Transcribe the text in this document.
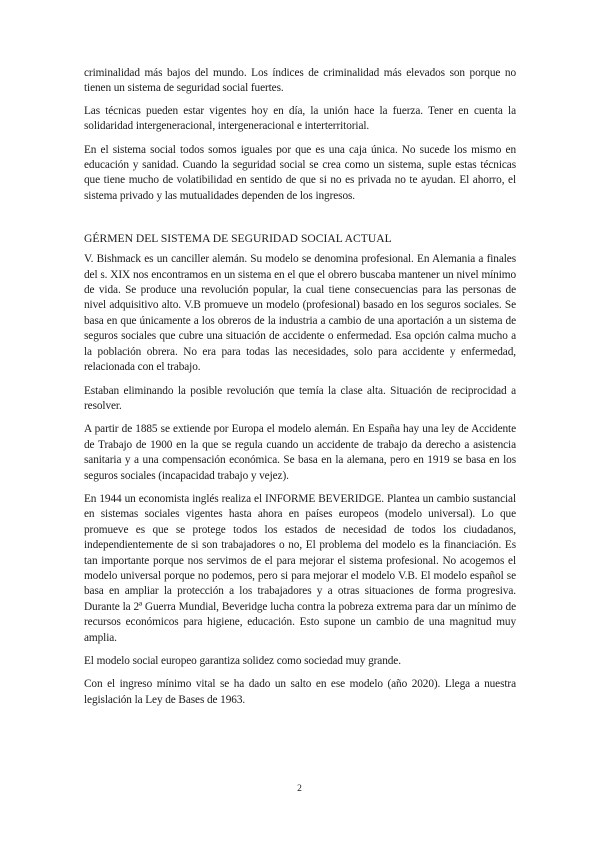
criminalidad más bajos del mundo. Los índices de criminalidad más elevados son porque no tienen un sistema de seguridad social fuertes.

Las técnicas pueden estar vigentes hoy en día, la unión hace la fuerza. Tener en cuenta la solidaridad intergeneracional, intergeneracional e interterritorial.

En el sistema social todos somos iguales por que es una caja única. No sucede los mismo en educación y sanidad. Cuando la seguridad social se crea como un sistema, suple estas técnicas que tiene mucho de volatibilidad en sentido de que si no es privada no te ayudan. El ahorro, el sistema privado y las mutualidades dependen de los ingresos.

GÉRMEN DEL SISTEMA DE SEGURIDAD SOCIAL ACTUAL

V. Bishmack es un canciller alemán. Su modelo se denomina profesional. En Alemania a finales del s. XIX nos encontramos en un sistema en el que el obrero buscaba mantener un nivel mínimo de vida. Se produce una revolución popular, la cual tiene consecuencias para las personas de nivel adquisitivo alto. V.B promueve un modelo (profesional) basado en los seguros sociales. Se basa en que únicamente a los obreros de la industria a cambio de una aportación a un sistema de seguros sociales que cubre una situación de accidente o enfermedad. Esa opción calma mucho a la población obrera. No era para todas las necesidades, solo para accidente y enfermedad, relacionada con el trabajo.

Estaban eliminando la posible revolución que temía la clase alta. Situación de reciprocidad a resolver.

A partir de 1885 se extiende por Europa el modelo alemán. En España hay una ley de Accidente de Trabajo de 1900 en la que se regula cuando un accidente de trabajo da derecho a asistencia sanitaria y a una compensación económica. Se basa en la alemana, pero en 1919 se basa en los seguros sociales (incapacidad trabajo y vejez).

En 1944 un economista inglés realiza el INFORME BEVERIDGE. Plantea un cambio sustancial en sistemas sociales vigentes hasta ahora en países europeos (modelo universal). Lo que promueve es que se protege todos los estados de necesidad de todos los ciudadanos, independientemente de si son trabajadores o no, El problema del modelo es la financiación. Es tan importante porque nos servimos de el para mejorar el sistema profesional. No acogemos el modelo universal porque no podemos, pero si para mejorar el modelo V.B. El modelo español se basa en ampliar la protección a los trabajadores y a otras situaciones de forma progresiva. Durante la 2ª Guerra Mundial, Beveridge lucha contra la pobreza extrema para dar un mínimo de recursos económicos para higiene, educación. Esto supone un cambio de una magnitud muy amplia.

El modelo social europeo garantiza solidez como sociedad muy grande.

Con el ingreso mínimo vital se ha dado un salto en ese modelo (año 2020). Llega a nuestra legislación la Ley de Bases de 1963.

2
